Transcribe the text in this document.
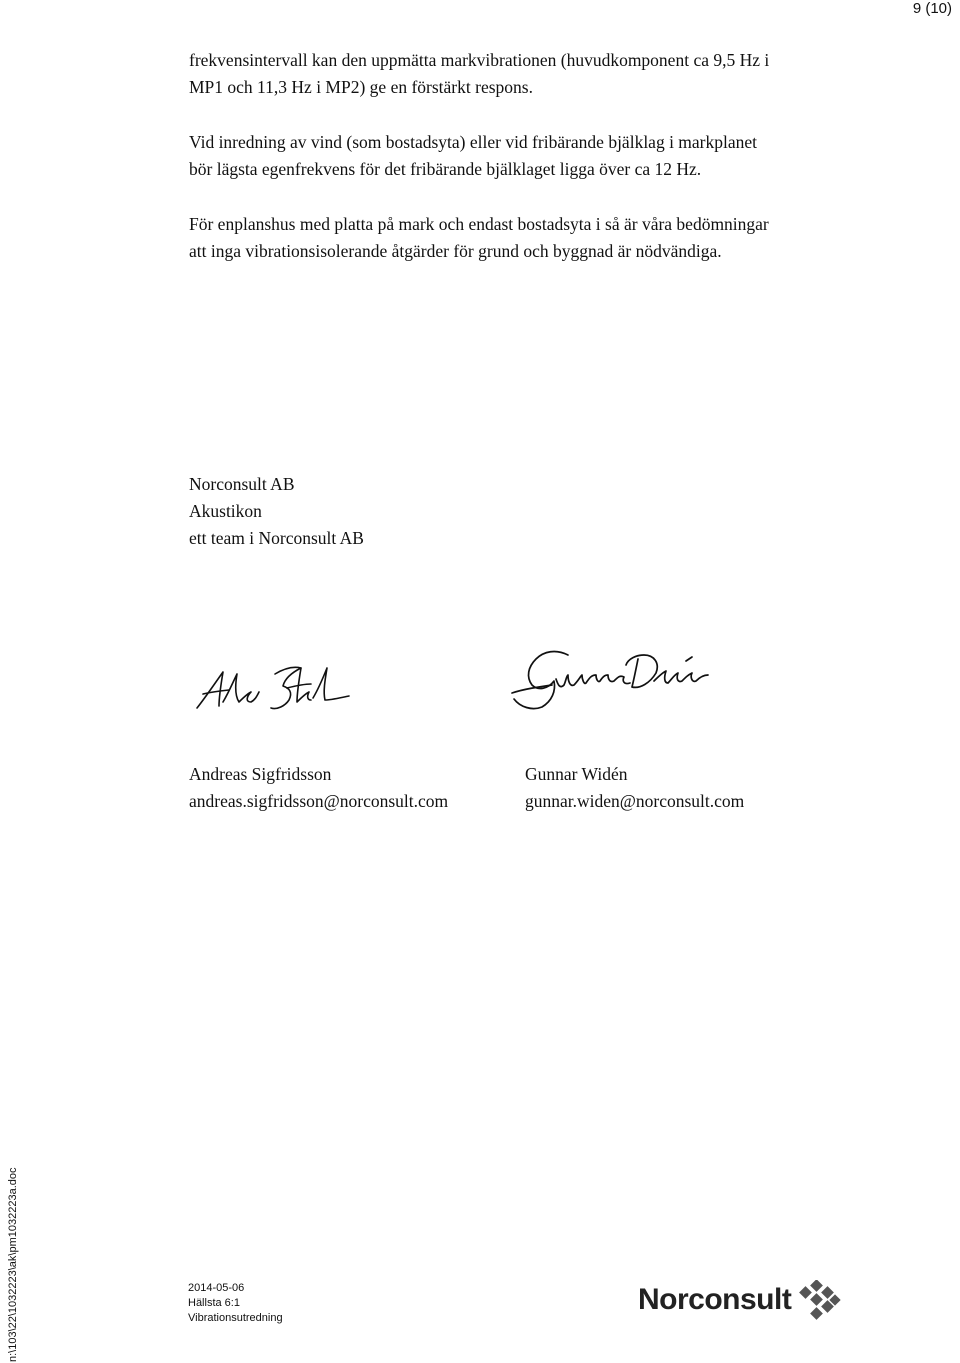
9 (10)

frekvensintervall kan den uppmätta markvibrationen (huvudkomponent ca 9,5 Hz i

MP1 och 11,3 Hz i MP2) ge en förstärkt respons.

Vid inredning av vind (som bostadsyta) eller vid fribärande bjälklag i markplanet

bör lägsta egenfrekvens för det fribärande bjälklaget ligga över ca 12 Hz.

För enplanshus med platta på mark och endast bostadsyta i så är våra bedömningar

att inga vibrationsisolerande åtgärder för grund och byggnad är nödvändiga.

Norconsult AB
Akustikon
ett team i Norconsult AB
Andreas Sigfridsson
andreas.sigfridsson@norconsult.com
Gunnar Widén
gunnar.widen@norconsult.com
n:\103\22\1032223\ak\pm1032223a.doc	2014-05-06
Hällsta 6:1
Vibrationsutredning
Norconsult
